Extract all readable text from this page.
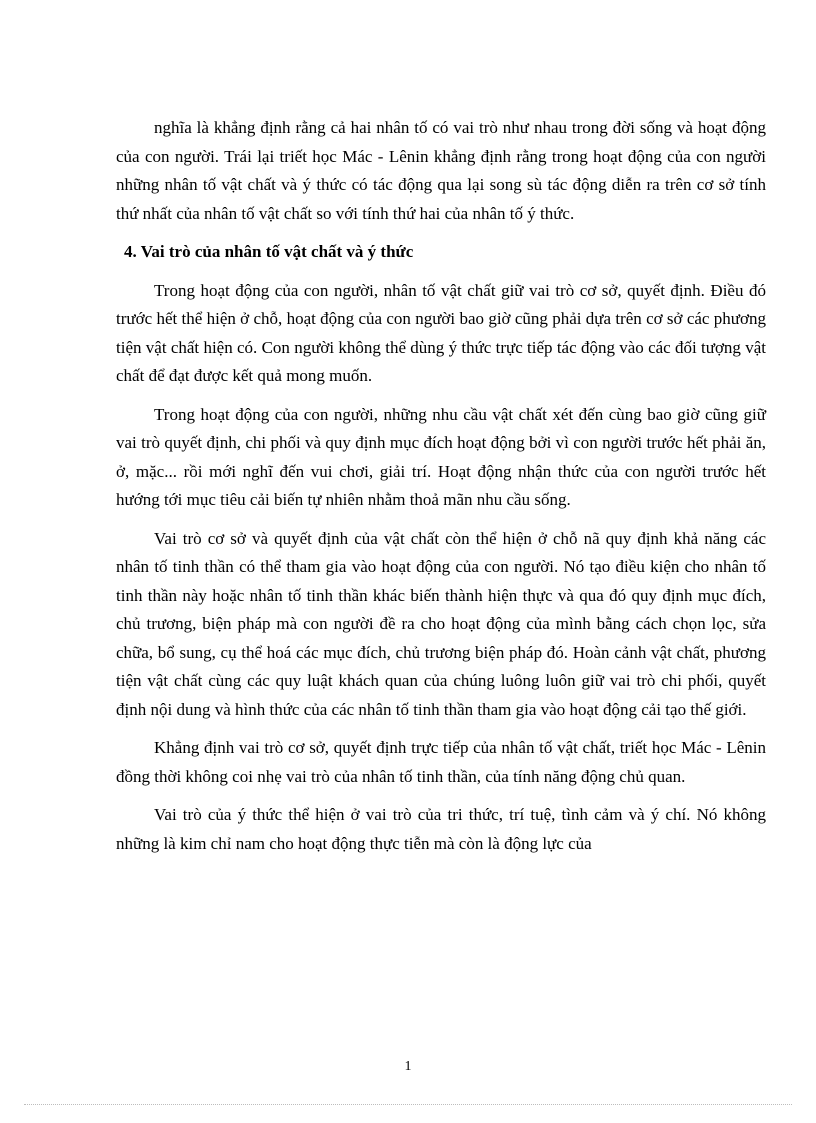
nghĩa là khẳng định rằng cả hai nhân tố có vai trò như nhau trong đời sống và hoạt động của con người. Trái lại triết học Mác - Lênin khẳng định rằng trong hoạt động của con người những nhân tố vật chất và ý thức có tác động qua lại song sù tác động diễn ra trên cơ sở tính thứ nhất của nhân tố vật chất so với tính thứ hai của nhân tố ý thức.

4. Vai trò của nhân tố vật chất và ý thức

Trong hoạt động của con người, nhân tố vật chất giữ vai trò cơ sở, quyết định. Điều đó trước hết thể hiện ở chỗ, hoạt động của con người bao giờ cũng phải dựa trên cơ sở các phương tiện vật chất hiện có. Con người không thể dùng ý thức trực tiếp tác động vào các đối tượng vật chất để đạt được kết quả mong muốn.

Trong hoạt động của con người, những nhu cầu vật chất xét đến cùng bao giờ cũng giữ vai trò quyết định, chi phối và quy định mục đích hoạt động bởi vì con người trước hết phải ăn, ở, mặc... rồi mới nghĩ đến vui chơi, giải trí. Hoạt động nhận thức của con người trước hết hướng tới mục tiêu cải biến tự nhiên nhằm thoả mãn nhu cầu sống.

Vai trò cơ sở và quyết định của vật chất còn thể hiện ở chỗ nã quy định khả năng các nhân tố tinh thần có thể tham gia vào hoạt động của con người. Nó tạo điều kiện cho nhân tố tinh thần này hoặc nhân tố tinh thần khác biến thành hiện thực và qua đó quy định mục đích, chủ trương, biện pháp mà con người đề ra cho hoạt động của mình bằng cách chọn lọc, sửa chữa, bổ sung, cụ thể hoá các mục đích, chủ trương biện pháp đó. Hoàn cảnh vật chất, phương tiện vật chất cùng các quy luật khách quan của chúng luông luôn giữ vai trò chi phối, quyết định nội dung và hình thức của các nhân tố tinh thần tham gia vào hoạt động cải tạo thế giới.

Khẳng định vai trò cơ sở, quyết định trực tiếp của nhân tố vật chất, triết học Mác - Lênin đồng thời không coi nhẹ vai trò của nhân tố tinh thần, của tính năng động chủ quan.

Vai trò của ý thức thể hiện ở vai trò của tri thức, trí tuệ, tình cảm và ý chí. Nó không những là kim chỉ nam cho hoạt động thực tiễn mà còn là động lực của

1
